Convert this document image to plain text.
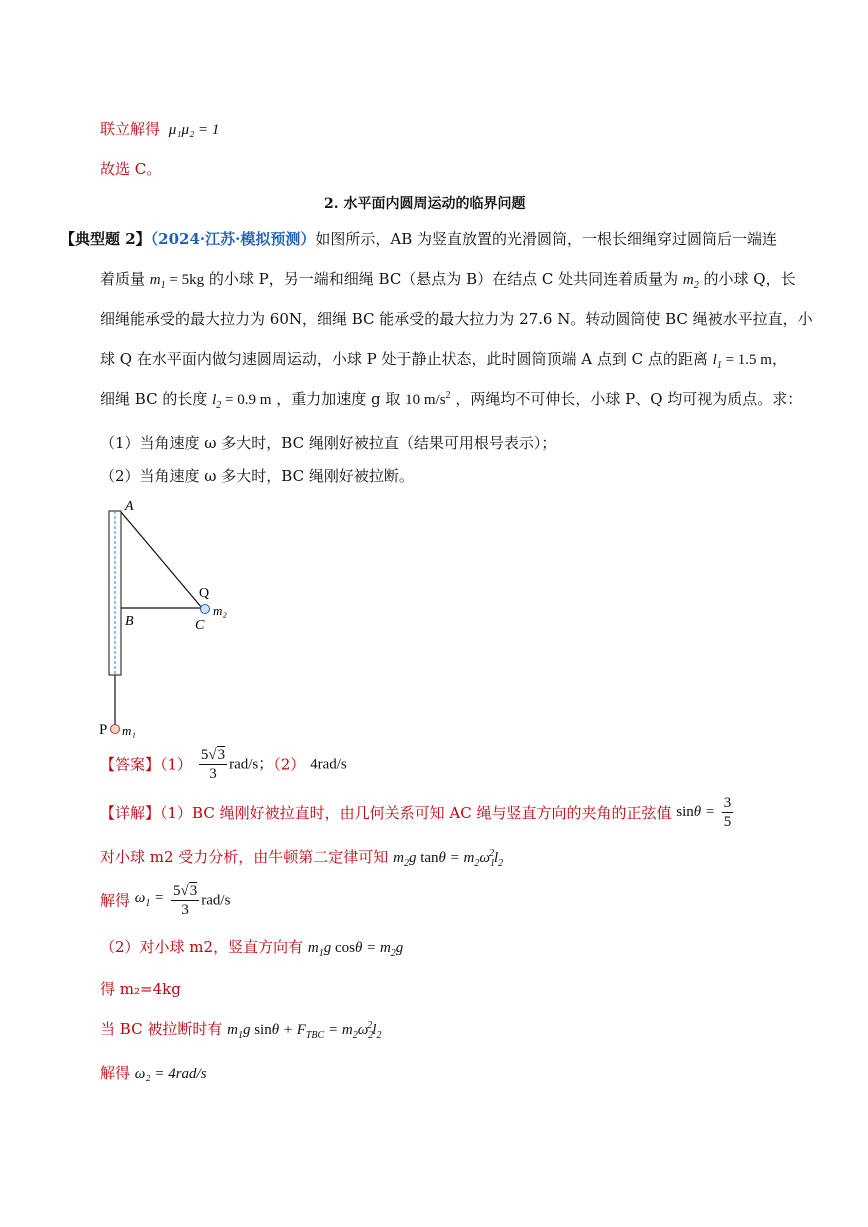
联立解得 μ₁μ₂ = 1
故选 C。
2. 水平面内圆周运动的临界问题
【典型题 2】（2024·江苏·模拟预测）如图所示，AB 为竖直放置的光滑圆筒，一根长细绳穿过圆筒后一端连
着质量 $m_1 = 5kg$ 的小球 P，另一端和细绳 BC（悬点为 B）在结点 C 处共同连着质量为 $m_2$ 的小球 Q，长
细绳能承受的最大拉力为 60N，细绳 BC 能承受的最大拉力为 27.6 N。转动圆筒使 BC 绳被水平拉直，小
球 Q 在水平面内做匀速圆周运动，小球 P 处于静止状态，此时圆筒顶端 A 点到 C 点的距离 $l_1 = 1.5$ m，
细绳 BC 的长度 $l_2 = 0.9$ m ，重力加速度 g 取 10 $m/s^2$ ，两绳均不可伸长，小球 P、Q 均可视为质点。求：
（1）当角速度 ω 多大时，BC 绳刚好被拉直（结果可用根号表示）；
（2）当角速度 ω 多大时，BC 绳刚好被拉断。
A
B	C
Q
m₂
P m₁
【答案】$(1) \frac{5√3}{3} rad/s$；（2） 4rad/s
【详解】（1）BC 绳刚好被拉直时，由几何关系可知 AC 绳与竖直方向的夹角的正弦值 $\sin\theta = \frac{3}{5}$
对小球 m2 受力分析，由牛顿第二定律可知 $m_2g$ $\tan\theta = m_2\omega_1^2l_2$
解得 $\omega_1 = \frac{5√3}{3} rad/s$
（2）对小球 m2，竖直方向有 $m_1g$ $\cos\theta = m_2g$
得 m₂=4kg
当 BC 被拉断时有 $m_1g$ $\sin\theta + F_{TBC} = m_2\omega_2^2l_2$
解得 ω₂ = 4rad/s
